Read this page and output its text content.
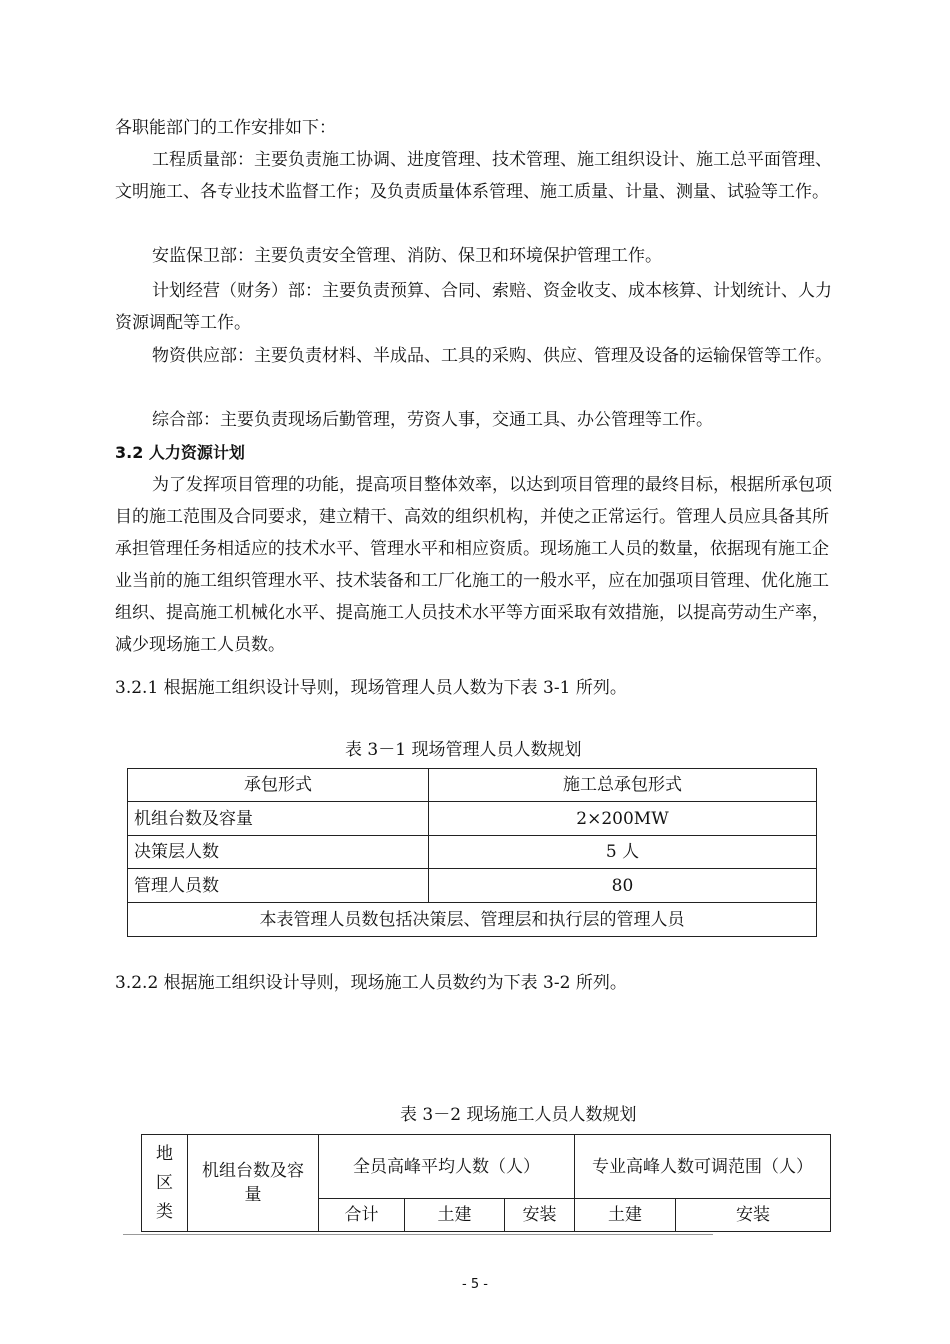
各职能部门的工作安排如下：

工程质量部：主要负责施工协调、进度管理、技术管理、施工组织设计、施工总平面管理、文明施工、各专业技术监督工作；及负责质量体系管理、施工质量、计量、测量、试验等工作。

安监保卫部：主要负责安全管理、消防、保卫和环境保护管理工作。

计划经营（财务）部：主要负责预算、合同、索赔、资金收支、成本核算、计划统计、人力资源调配等工作。

物资供应部：主要负责材料、半成品、工具的采购、供应、管理及设备的运输保管等工作。

综合部：主要负责现场后勤管理，劳资人事，交通工具、办公管理等工作。

3.2 人力资源计划

为了发挥项目管理的功能，提高项目整体效率，以达到项目管理的最终目标，根据所承包项目的施工范围及合同要求，建立精干、高效的组织机构，并使之正常运行。管理人员应具备其所承担管理任务相适应的技术水平、管理水平和相应资质。现场施工人员的数量，依据现有施工企业当前的施工组织管理水平、技术装备和工厂化施工的一般水平，应在加强项目管理、优化施工组织、提高施工机械化水平、提高施工人员技术水平等方面采取有效措施，以提高劳动生产率，减少现场施工人员数。

3.2.1 根据施工组织设计导则，现场管理人员人数为下表 3-1 所列。

表 3－1 现场管理人员人数规划

承包形式	施工总承包形式
机组台数及容量	2×200MW
决策层人数	5 人
管理人员数	80
本表管理人员数包括决策层、管理层和执行层的管理人员	

3.2.2 根据施工组织设计导则，现场施工人员数约为下表 3-2 所列。

表 3－2 现场施工人员人数规划

地区类	机组台数及容量	全员高峰平均人数（人）			专业高峰人数可调范围（人）	
		合计	土建	安装	土建	安装
- 5 -
